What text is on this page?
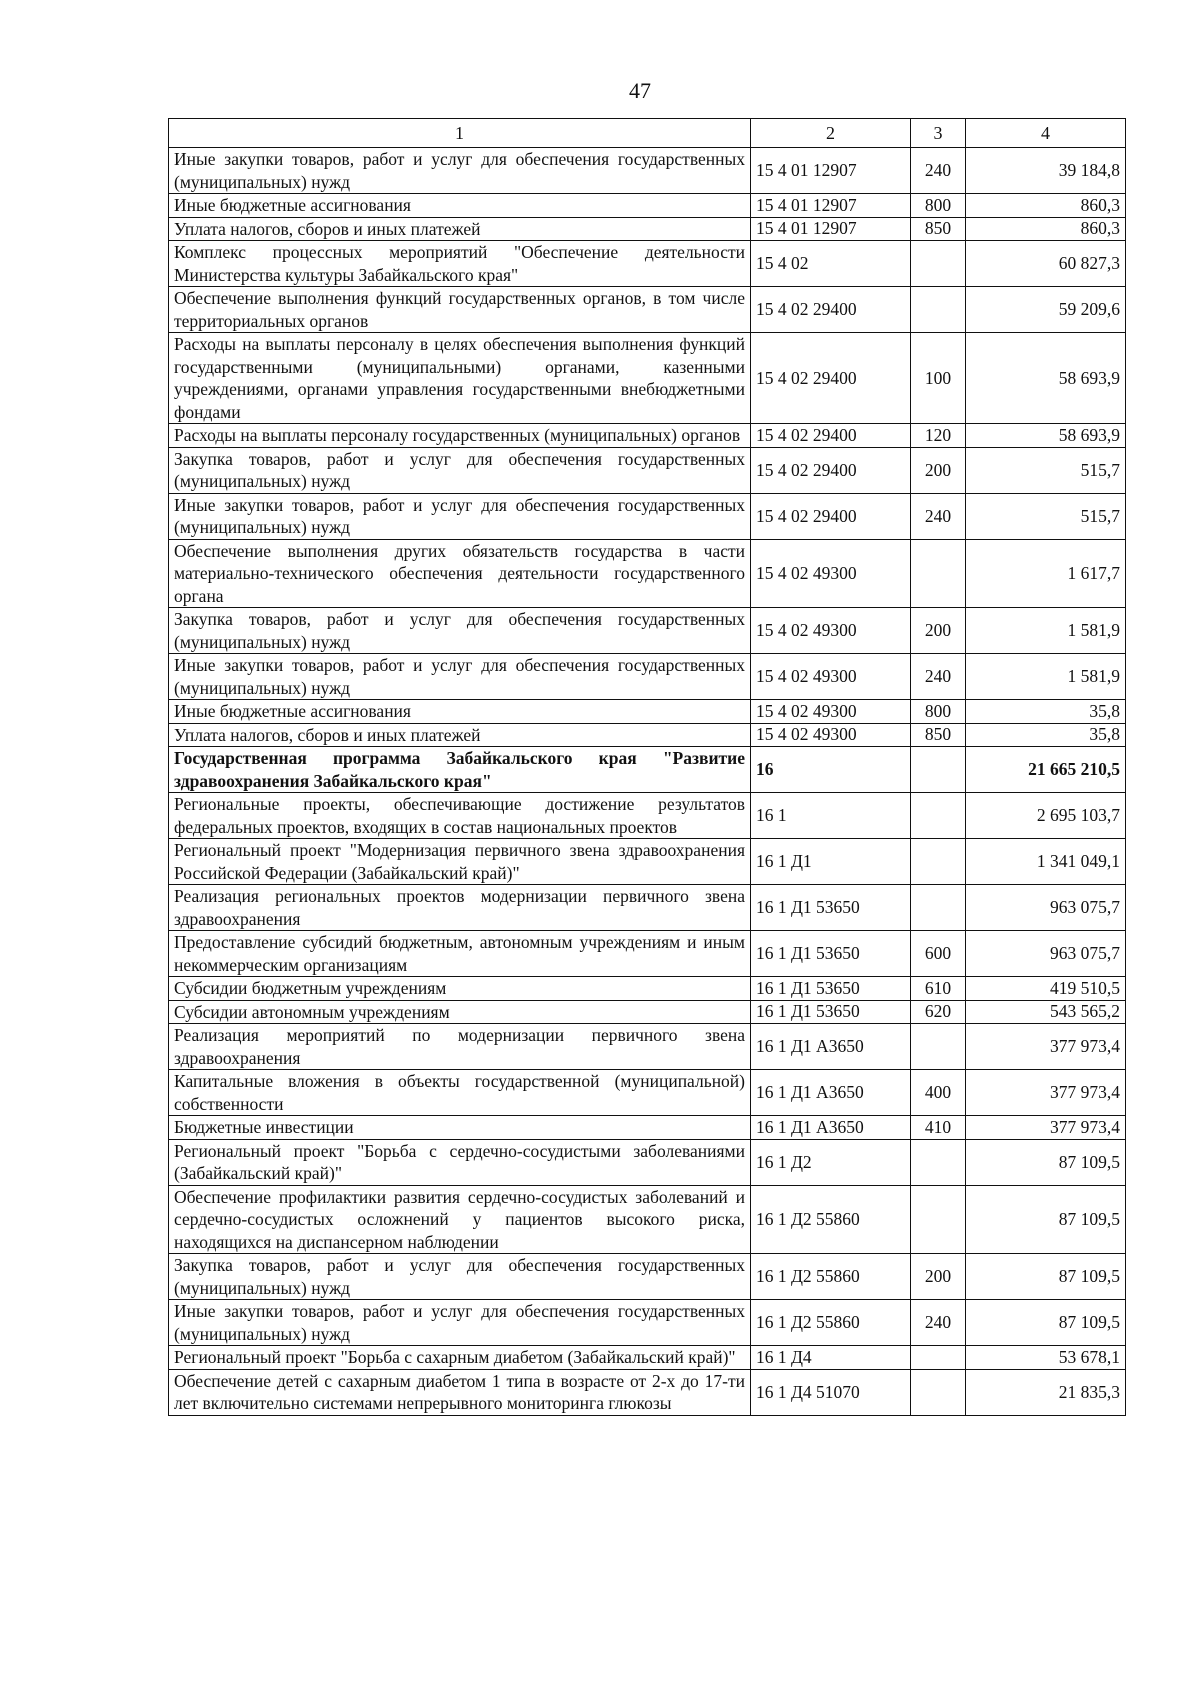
47
1	2	3	4
Иные закупки товаров, работ и услуг для обеспечения государственных (муниципальных) нужд	15 4 01 12907	240	39 184,8
Иные бюджетные ассигнования	15 4 01 12907	800	860,3
Уплата налогов, сборов и иных платежей	15 4 01 12907	850	860,3
Комплекс процессных мероприятий "Обеспечение деятельности Министерства культуры Забайкальского края"	15 4 02		60 827,3
Обеспечение выполнения функций государственных органов, в том числе территориальных органов	15 4 02 29400		59 209,6
Расходы на выплаты персоналу в целях обеспечения выполнения функций государственными (муниципальными) органами, казенными учреждениями, органами управления государственными внебюджетными фондами	15 4 02 29400	100	58 693,9
Расходы на выплаты персоналу государственных (муниципальных) органов	15 4 02 29400	120	58 693,9
Закупка товаров, работ и услуг для обеспечения государственных (муниципальных) нужд	15 4 02 29400	200	515,7
Иные закупки товаров, работ и услуг для обеспечения государственных (муниципальных) нужд	15 4 02 29400	240	515,7
Обеспечение выполнения других обязательств государства в части материально-технического обеспечения деятельности государственного органа	15 4 02 49300		1 617,7
Закупка товаров, работ и услуг для обеспечения государственных (муниципальных) нужд	15 4 02 49300	200	1 581,9
Иные закупки товаров, работ и услуг для обеспечения государственных (муниципальных) нужд	15 4 02 49300	240	1 581,9
Иные бюджетные ассигнования	15 4 02 49300	800	35,8
Уплата налогов, сборов и иных платежей	15 4 02 49300	850	35,8
Государственная программа Забайкальского края "Развитие здравоохранения Забайкальского края"	16		21 665 210,5
Региональные проекты, обеспечивающие достижение результатов федеральных проектов, входящих в состав национальных проектов	16 1		2 695 103,7
Региональный проект "Модернизация первичного звена здравоохранения Российской Федерации (Забайкальский край)"	16 1 Д1		1 341 049,1
Реализация региональных проектов модернизации первичного звена здравоохранения	16 1 Д1 53650		963 075,7
Предоставление субсидий бюджетным, автономным учреждениям и иным некоммерческим организациям	16 1 Д1 53650	600	963 075,7
Субсидии бюджетным учреждениям	16 1 Д1 53650	610	419 510,5
Субсидии автономным учреждениям	16 1 Д1 53650	620	543 565,2
Реализация мероприятий по модернизации первичного звена здравоохранения	16 1 Д1 А3650		377 973,4
Капитальные вложения в объекты государственной (муниципальной) собственности	16 1 Д1 А3650	400	377 973,4
Бюджетные инвестиции	16 1 Д1 А3650	410	377 973,4
Региональный проект "Борьба с сердечно-сосудистыми заболеваниями (Забайкальский край)"	16 1 Д2		87 109,5
Обеспечение профилактики развития сердечно-сосудистых заболеваний и сердечно-сосудистых осложнений у пациентов высокого риска, находящихся на диспансерном наблюдении	16 1 Д2 55860		87 109,5
Закупка товаров, работ и услуг для обеспечения государственных (муниципальных) нужд	16 1 Д2 55860	200	87 109,5
Иные закупки товаров, работ и услуг для обеспечения государственных (муниципальных) нужд	16 1 Д2 55860	240	87 109,5
Региональный проект "Борьба с сахарным диабетом (Забайкальский край)"	16 1 Д4		53 678,1
Обеспечение детей с сахарным диабетом 1 типа в возрасте от 2-х до 17-ти лет включительно системами непрерывного мониторинга глюкозы	16 1 Д4 51070		21 835,3
